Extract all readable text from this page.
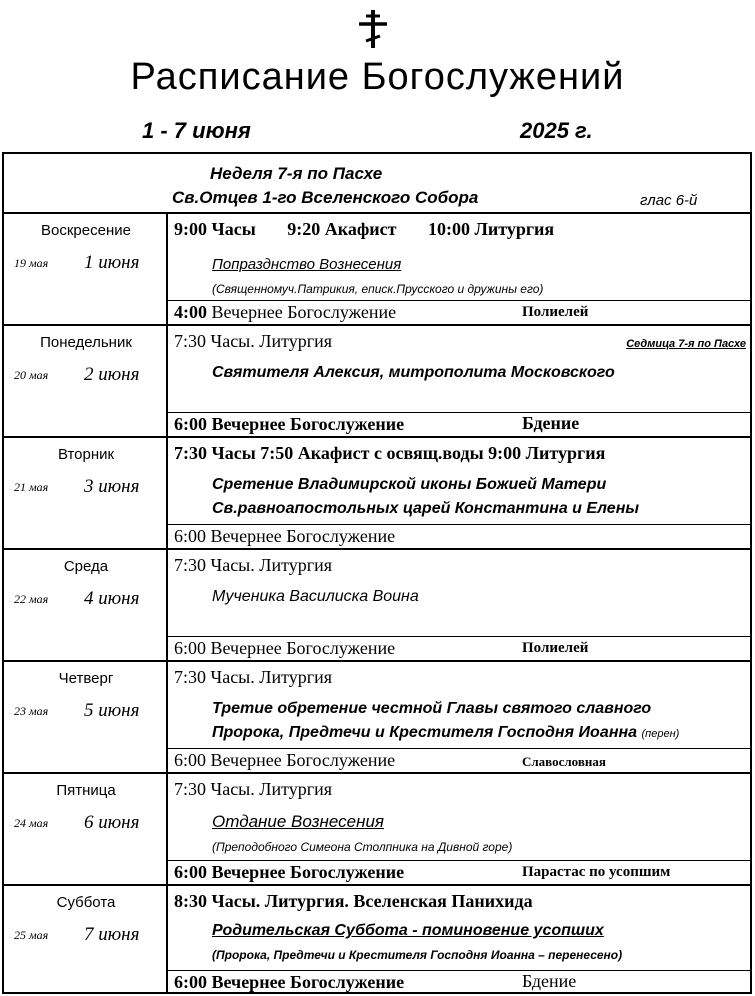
Расписание Богослужений
1 - 7 июня	2025 г.
Неделя 7-я по Пасхе
Св.Отцев 1-го Вселенского Собора	глас 6-й
Воскресение
19 мая 1 июня
9:00 Часы       9:20 Акафист       10:00 Литургия
Попразднство Вознесения
(Священномуч.Патрикия, еписк.Прусского и дружины его)
4:00 Вечернее Богослужение	Полиелей
Понедельник
20 мая 2 июня
7:30 Часы. Литургия	Седмица 7-я по Пасхе
Святителя Алексия, митрополита Московского
6:00 Вечернее Богослужение	Бдение
Вторник
21 мая 3 июня
7:30 Часы 7:50 Акафист с освящ.воды 9:00 Литургия
Сретение Владимирской иконы Божией Матери
Св.равноапостольных царей Константина и Елены
6:00 Вечернее Богослужение
Среда
22 мая 4 июня
7:30 Часы. Литургия
Мученика Василиска Воина
6:00 Вечернее Богослужение	Полиелей
Четверг
23 мая 5 июня
7:30 Часы. Литургия
Третие обретение честной Главы святого славного
Пророка, Предтечи и Крестителя Господня Иоанна (перен)
6:00 Вечернее Богослужение	Славословная
Пятница
24 мая 6 июня
7:30 Часы. Литургия
Отдание Вознесения
(Преподобного Симеона Столпника на Дивной горе)
6:00 Вечернее Богослужение	Парастас по усопшим
Суббота
25 мая 7 июня
8:30 Часы. Литургия. Вселенская Панихида
Родительская Суббота - поминовение усопших
(Пророка, Предтечи и Крестителя Господня Иоанна – перенесено)
6:00 Вечернее Богослужение	Бдение
